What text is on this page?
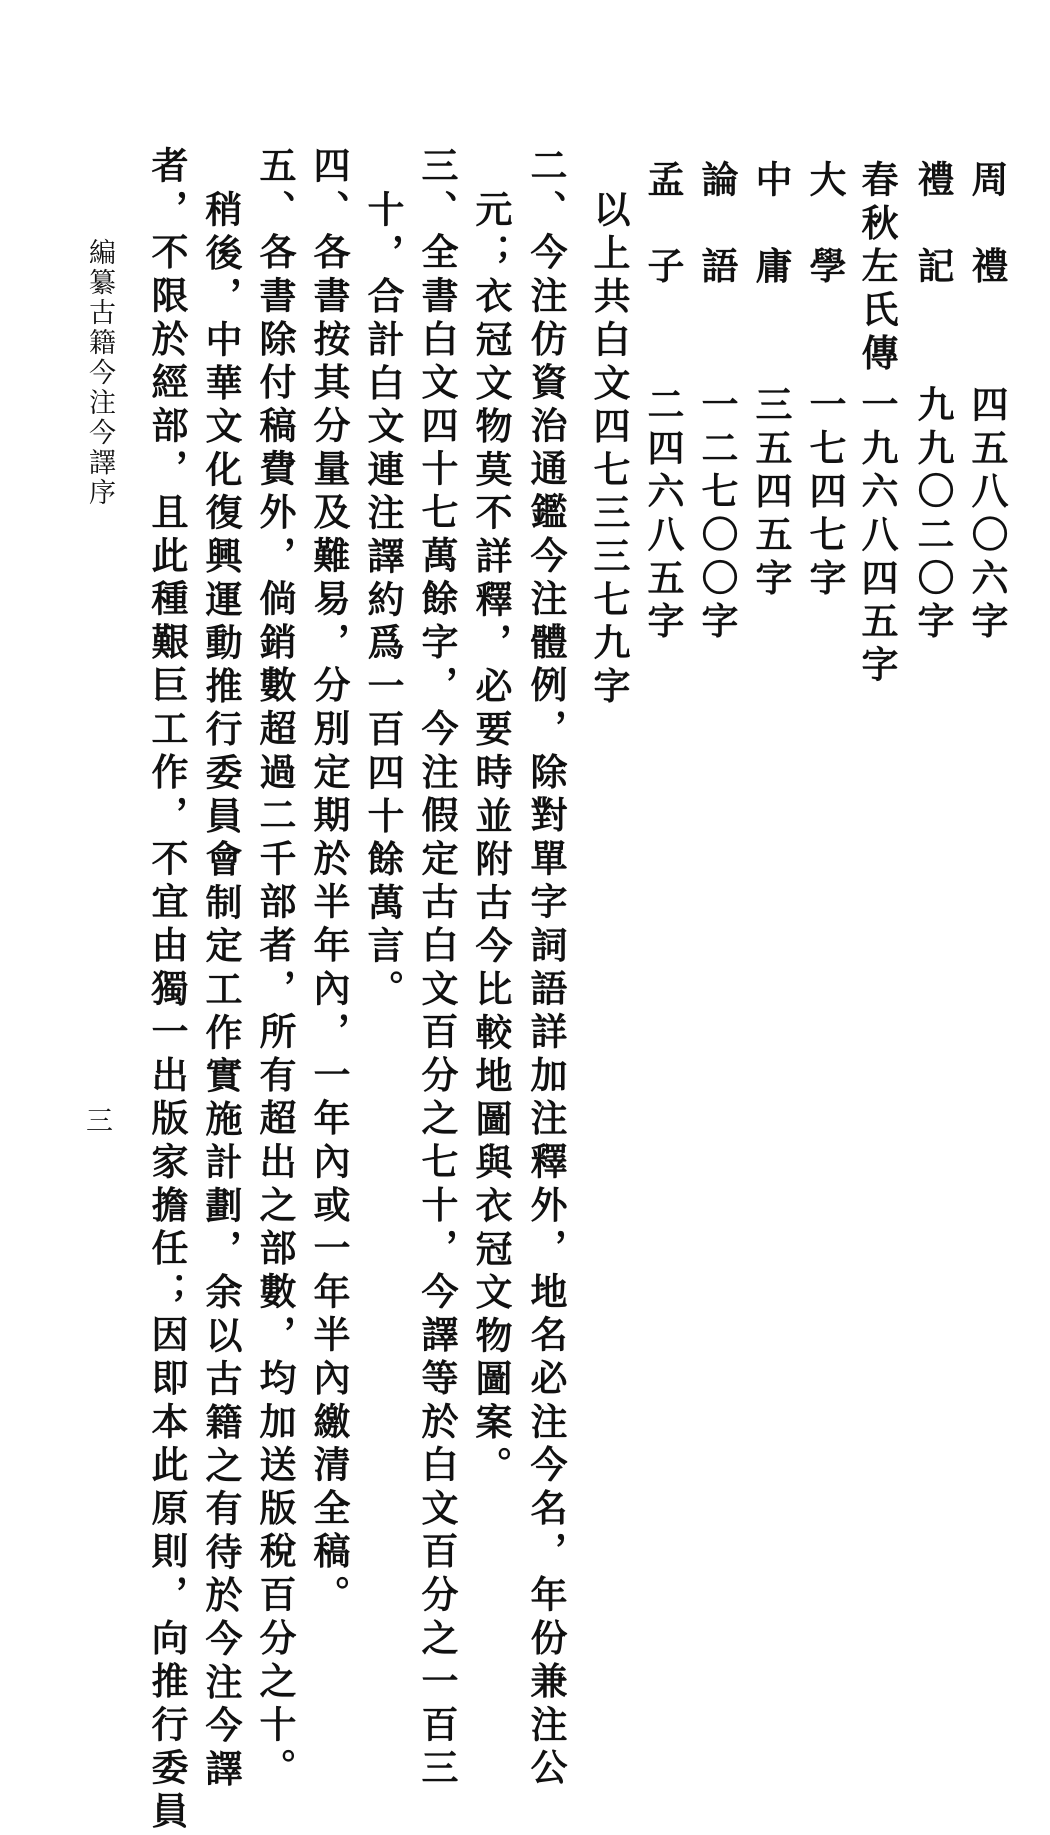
周　禮
四五八〇六字
禮　記
九九〇二〇字
春秋左氏傳
一九六八四五字
大　學
一七四七字
中　庸
三五四五字
論　語
一二七〇〇字
孟　子
二四六八五字
以上共白文四七三三七九字
二、今注仿資治通鑑今注體例，除對單字詞語詳加注釋外，地名必注今名，年份兼注公
元；衣冠文物莫不詳釋，必要時並附古今比較地圖與衣冠文物圖案。
三、全書白文四十七萬餘字，今注假定古白文百分之七十，今譯等於白文百分之一百三
十，合計白文連注譯約爲一百四十餘萬言。
四、各書按其分量及難易，分別定期於半年內，一年內或一年半內繳清全稿。
五、各書除付稿費外，倘銷數超過二千部者，所有超出之部數，均加送版稅百分之十。
稍後，中華文化復興運動推行委員會制定工作實施計劃，余以古籍之有待於今注今譯
者，不限於經部，且此種艱巨工作，不宜由獨一出版家擔任；因即本此原則，向推行委員
編纂古籍今注今譯序
三
